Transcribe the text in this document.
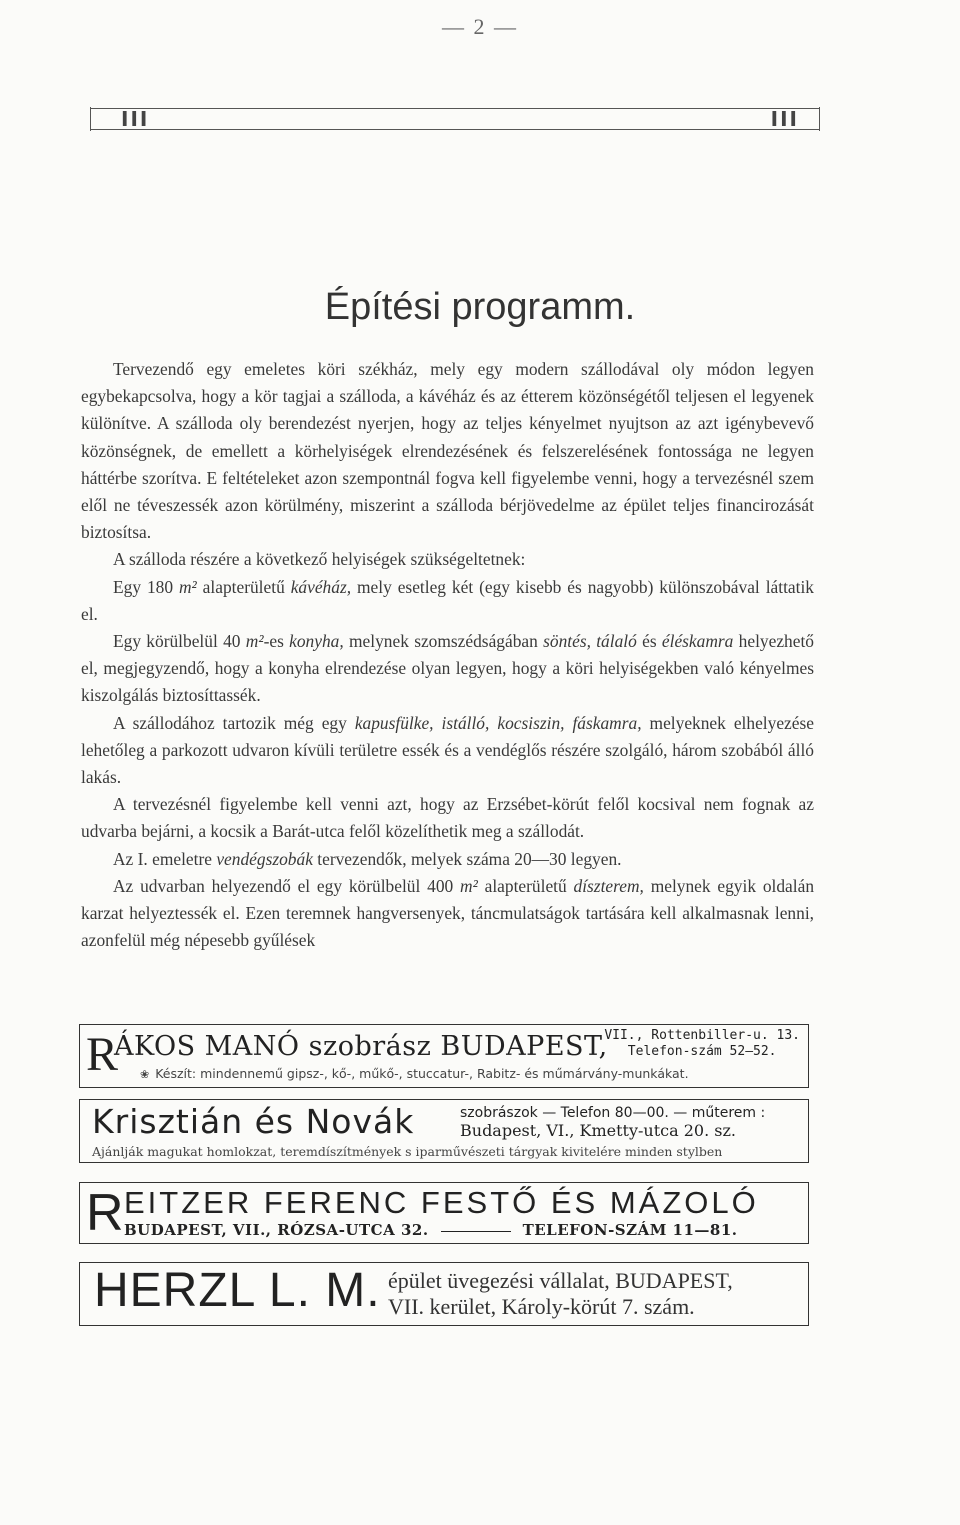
— 2 —
III	III
Építési programm.

Tervezendő egy emeletes köri székház, mely egy modern szállodával oly módon legyen egybekapcsolva, hogy a kör tagjai a szálloda, a kávéház és az étterem közönségétől teljesen el legyenek különítve. A szálloda oly berendezést nyerjen, hogy az teljes kényelmet nyujtson az azt igénybevevő közönségnek, de emellett a körhelyiségek elrendezésének és felszerelésének fontossága ne legyen háttérbe szorítva. E feltételeket azon szempontnál fogva kell figyelembe venni, hogy a tervezésnél szem elől ne téveszessék azon körülmény, miszerint a szálloda bérjövedelme az épület teljes financirozását biztosítsa.

A szálloda részére a következő helyiségek szükségeltetnek:

Egy 180 m² alapterületű kávéház, mely esetleg két (egy kisebb és nagyobb) különszobával láttatik el.

Egy körülbelül 40 m²-es konyha, melynek szomszédságában söntés, tálaló és éléskamra helyezhető el, megjegyzendő, hogy a konyha elrendezése olyan legyen, hogy a köri helyiségekben való kényelmes kiszolgálás biztosíttassék.

A szállodához tartozik még egy kapusfülke, istálló, kocsiszin, fáskamra, melyeknek elhelyezése lehetőleg a parkozott udvaron kívüli területre essék és a vendéglős részére szolgáló, három szobából álló lakás.

A tervezésnél figyelembe kell venni azt, hogy az Erzsébet-körút felől kocsival nem fognak az udvarba bejárni, a kocsik a Barát-utca felől közelíthetik meg a szállodát.

Az I. emeletre vendégszobák tervezendők, melyek száma 20—30 legyen.

Az udvarban helyezendő el egy körülbelül 400 m² alapterületű díszterem, melynek egyik oldalán karzat helyeztessék el. Ezen teremnek hangversenyek, táncmulatságok tartására kell alkalmasnak lenni, azonfelül még népesebb gyűlések

R
ÁKOS MANÓ szobrász BUDAPEST,
VII., Rottenbiller-u. 13.
Telefon-szám 52—52.
❀ Készít: mindennemű gipsz-, kő-, műkő-, stuccatur-, Rabitz- és műmárvány-munkákat.
Krisztián és Novák	szobrászok — Telefon 80—00. — műterem :
Budapest, VI., Kmetty-utca 20. sz.
Ajánlják magukat homlokzat, teremdíszítmények s iparművészeti tárgyak kivitelére minden stylben
R EITZER FERENC FESTŐ ÉS MÁZOLÓ
BUDAPEST, VII., RÓZSA-UTCA 32.	TELEFON-SZÁM 11—81.
HERZL L. M. épület üvegezési vállalat, BUDAPEST,
VII. kerület, Károly-körút 7. szám.
